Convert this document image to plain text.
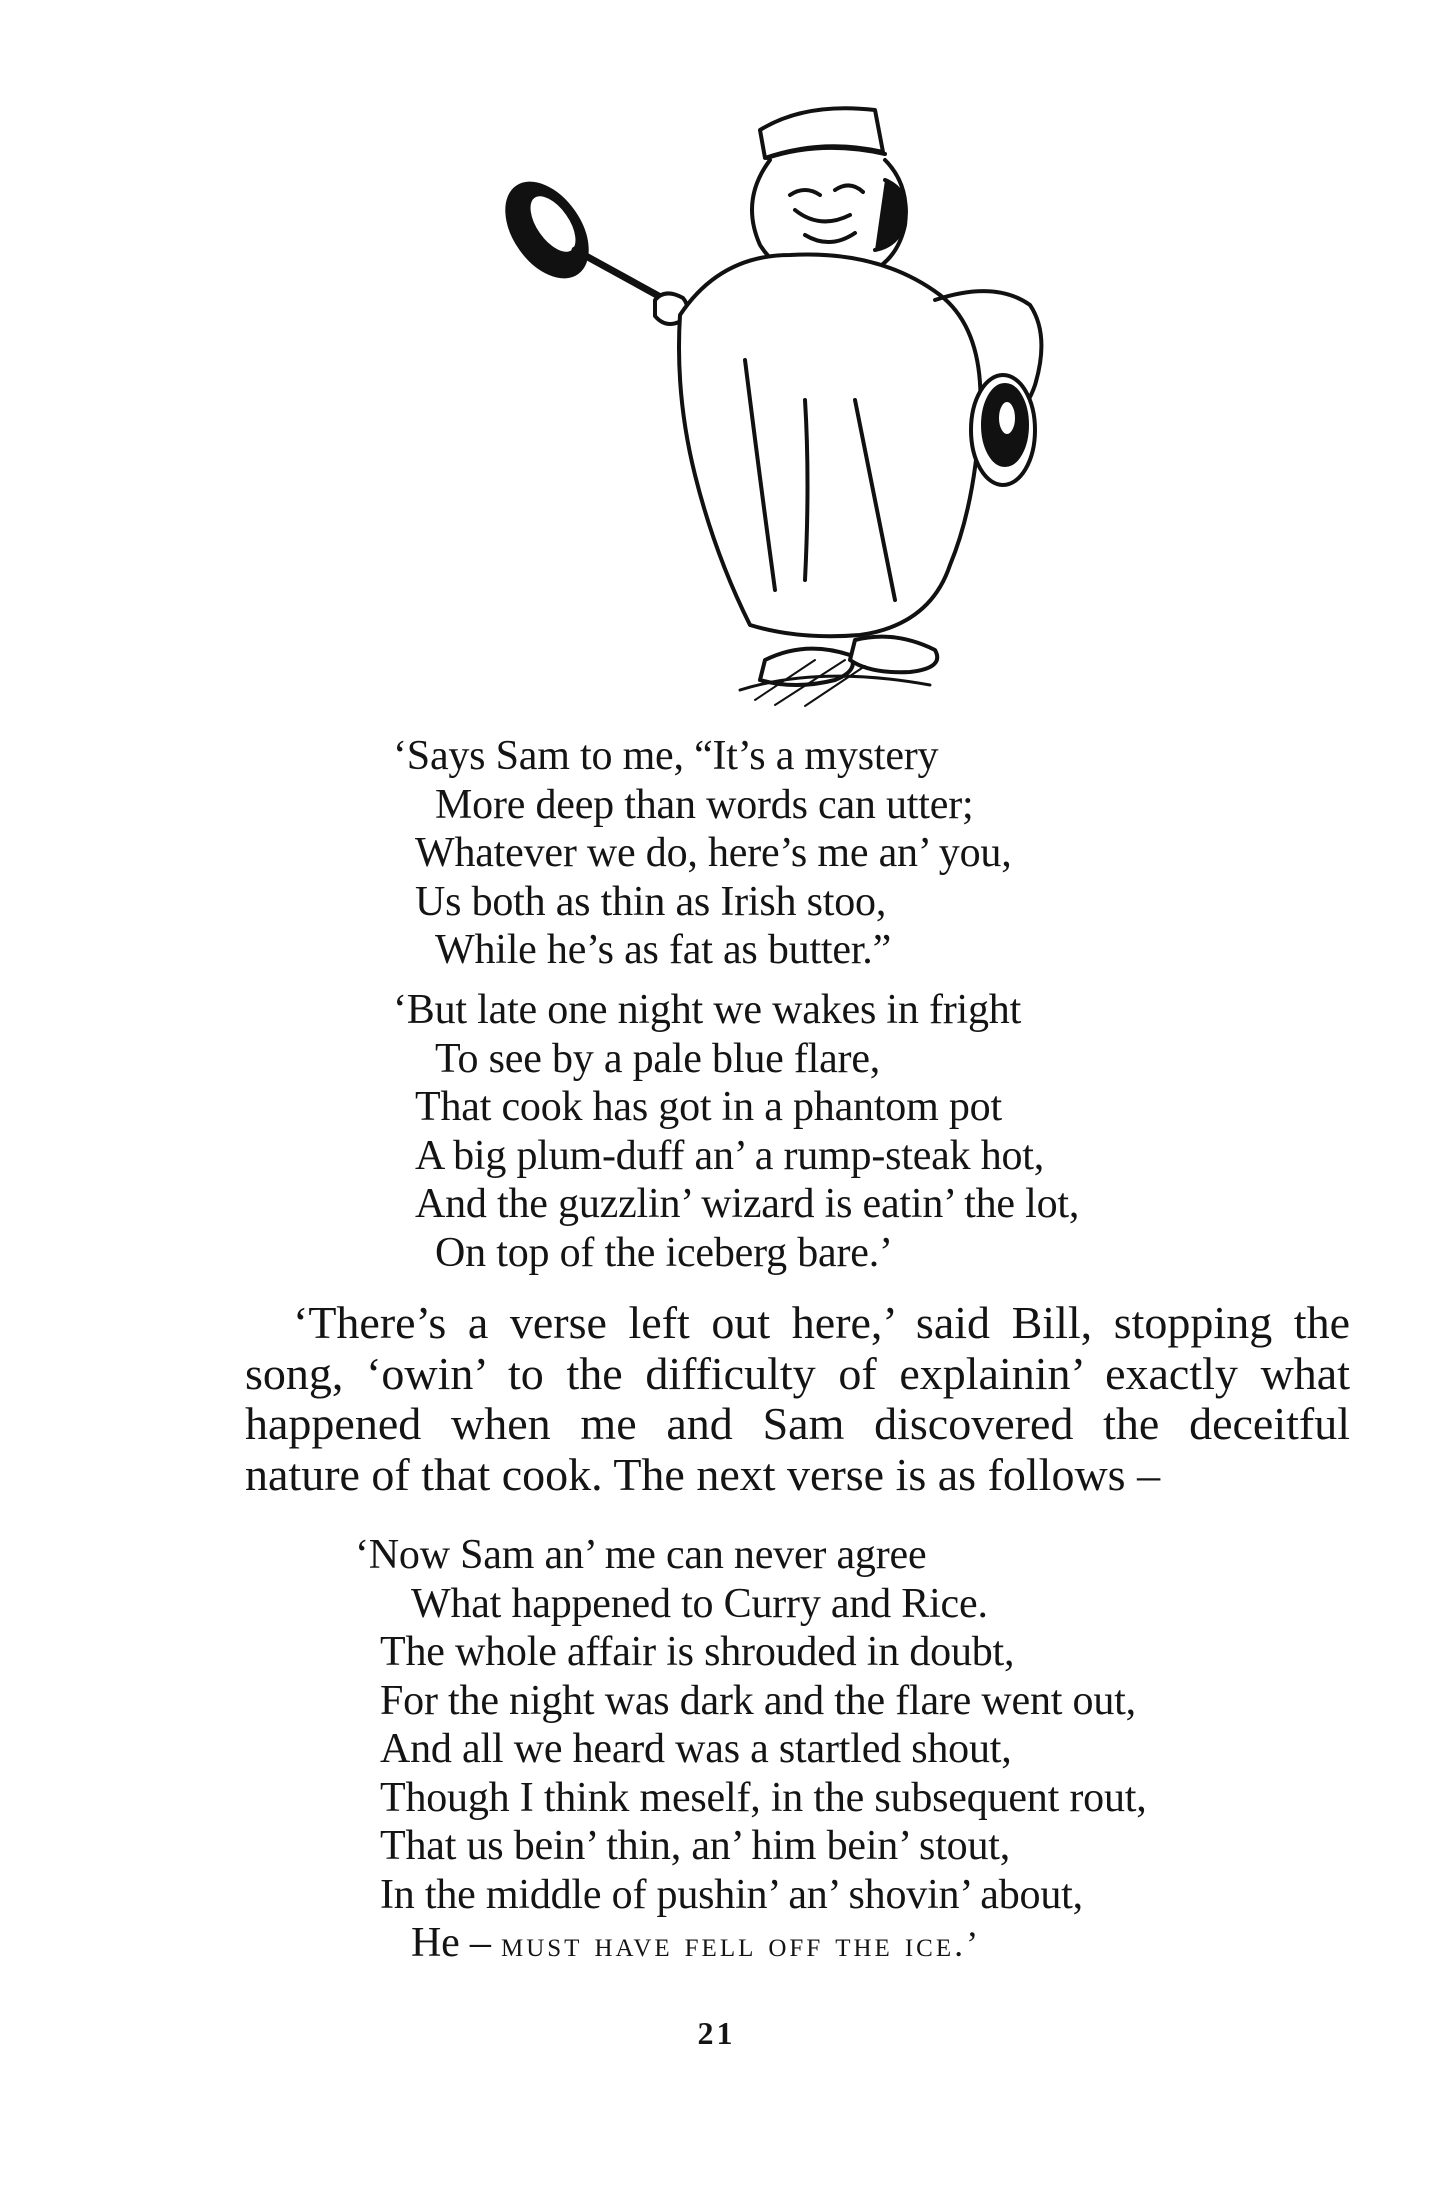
‘Says Sam to me, “It’s a mystery
More deep than words can utter;
Whatever we do, here’s me an’ you,
Us both as thin as Irish stoo,
While he’s as fat as butter.”
‘But late one night we wakes in fright
To see by a pale blue flare,
That cook has got in a phantom pot
A big plum-duff an’ a rump-steak hot,
And the guzzlin’ wizard is eatin’ the lot,
On top of the iceberg bare.’
‘There’s a verse left out here,’ said Bill, stopping the
song, ‘owin’ to the difficulty of explainin’ exactly what
happened when me and Sam discovered the deceitful
nature of that cook. The next verse is as follows –
‘Now Sam an’ me can never agree
What happened to Curry and Rice.
The whole affair is shrouded in doubt,
For the night was dark and the flare went out,
And all we heard was a startled shout,
Though I think meself, in the subsequent rout,
That us bein’ thin, an’ him bein’ stout,
In the middle of pushin’ an’ shovin’ about,
He – must have fell off the ice.’
21
